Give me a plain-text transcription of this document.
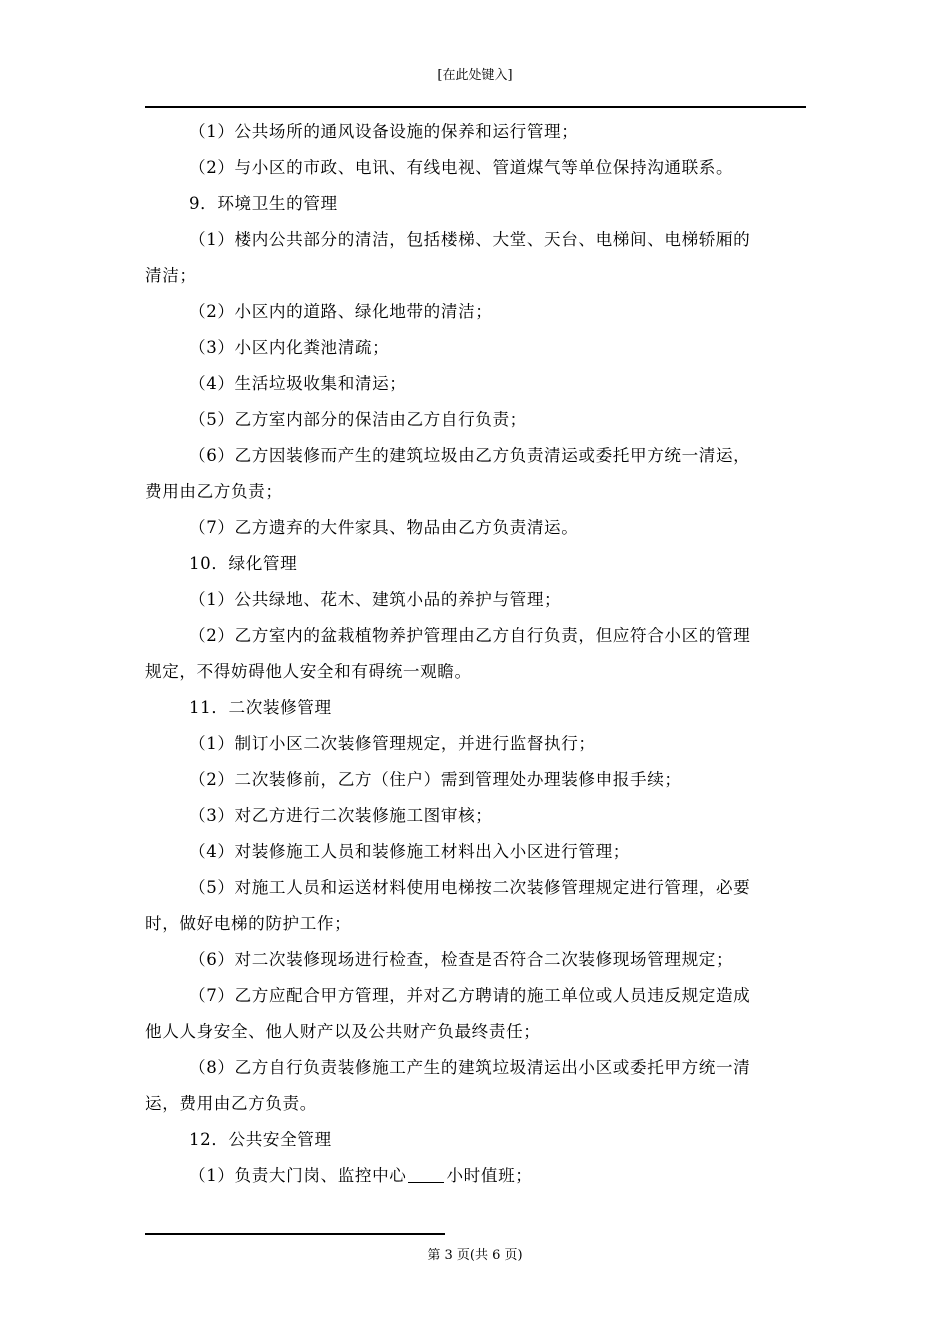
[在此处键入]
（1）公共场所的通风设备设施的保养和运行管理；
（2）与小区的市政、电讯、有线电视、管道煤气等单位保持沟通联系。
9．环境卫生的管理
（1）楼内公共部分的清洁，包括楼梯、大堂、天台、电梯间、电梯轿厢的
清洁；
（2）小区内的道路、绿化地带的清洁；
（3）小区内化粪池清疏；
（4）生活垃圾收集和清运；
（5）乙方室内部分的保洁由乙方自行负责；
（6）乙方因装修而产生的建筑垃圾由乙方负责清运或委托甲方统一清运，
费用由乙方负责；
（7）乙方遗弃的大件家具、物品由乙方负责清运。
10．绿化管理
（1）公共绿地、花木、建筑小品的养护与管理；
（2）乙方室内的盆栽植物养护管理由乙方自行负责，但应符合小区的管理
规定，不得妨碍他人安全和有碍统一观瞻。
11．二次装修管理
（1）制订小区二次装修管理规定，并进行监督执行；
（2）二次装修前，乙方（住户）需到管理处办理装修申报手续；
（3）对乙方进行二次装修施工图审核；
（4）对装修施工人员和装修施工材料出入小区进行管理；
（5）对施工人员和运送材料使用电梯按二次装修管理规定进行管理，必要
时，做好电梯的防护工作；
（6）对二次装修现场进行检查，检查是否符合二次装修现场管理规定；
（7）乙方应配合甲方管理，并对乙方聘请的施工单位或人员违反规定造成
他人人身安全、他人财产以及公共财产负最终责任；
（8）乙方自行负责装修施工产生的建筑垃圾清运出小区或委托甲方统一清
运，费用由乙方负责。
12．公共安全管理
（1）负责大门岗、监控中心 小时值班；
第 3 页(共 6 页)
